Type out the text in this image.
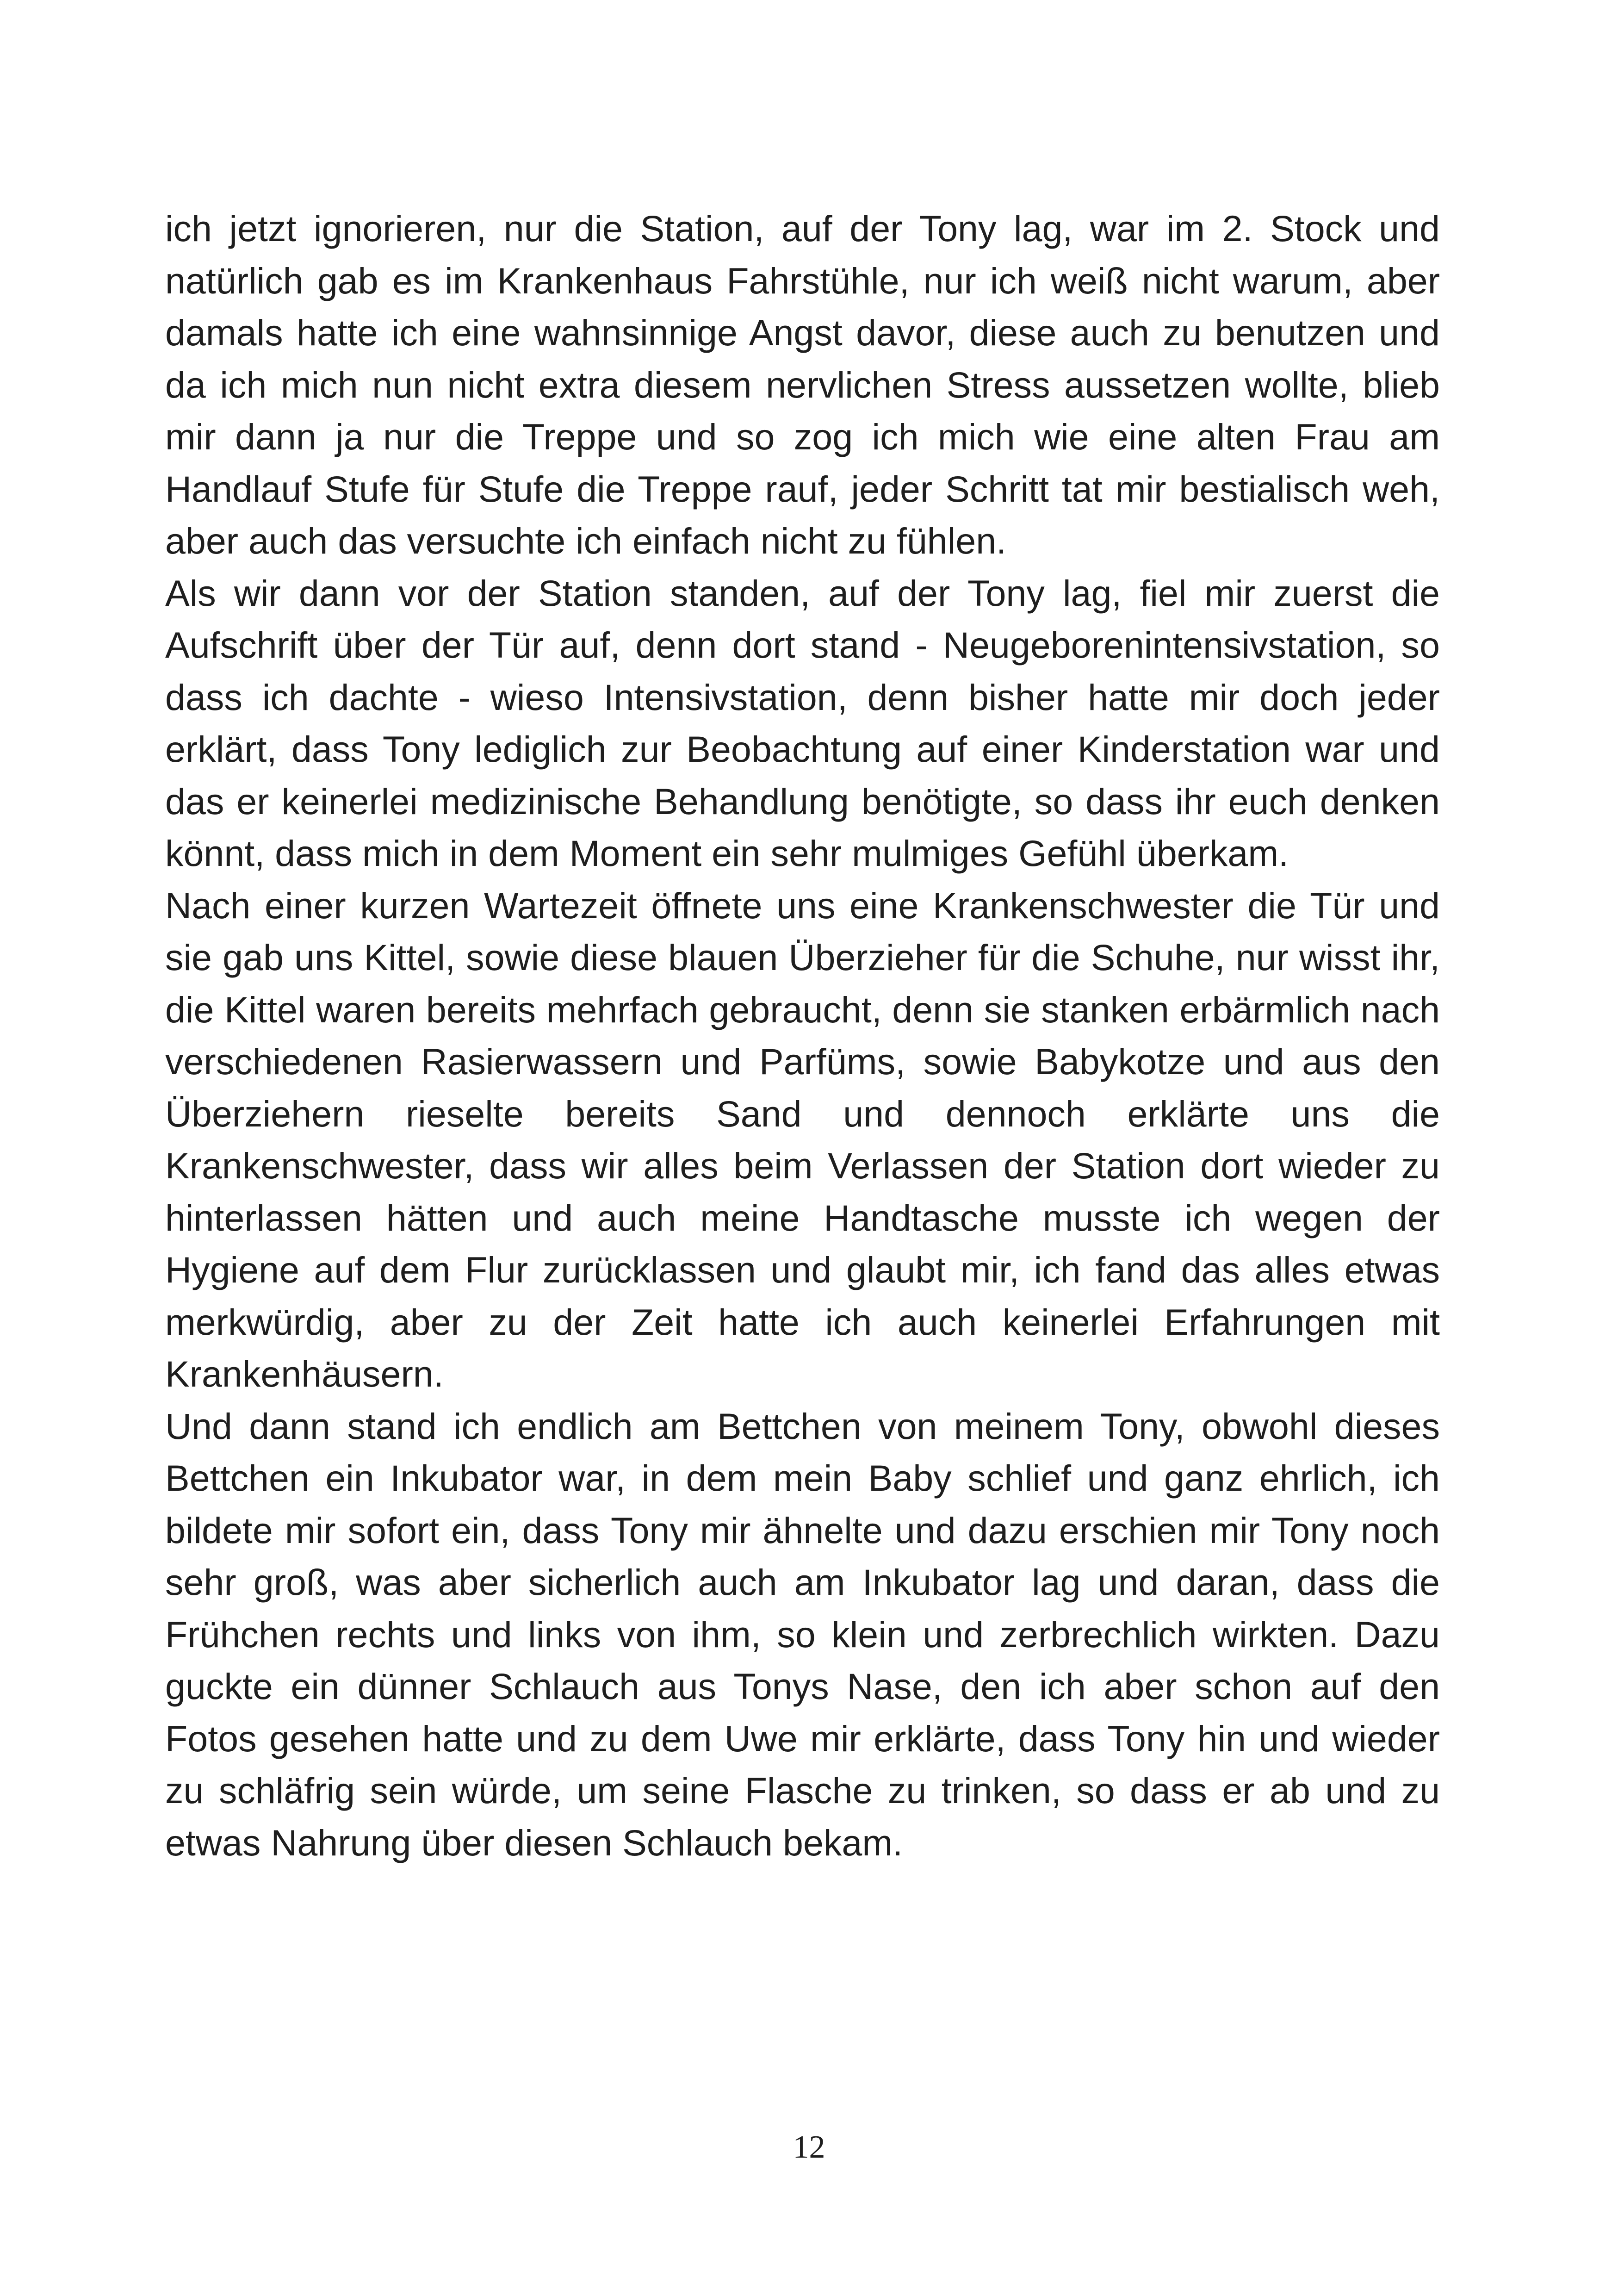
ich jetzt ignorieren, nur die Station, auf der Tony lag, war im 2. Stock und natürlich gab es im Krankenhaus Fahrstühle, nur ich weiß nicht warum, aber damals hatte ich eine wahnsinnige Angst davor, diese auch zu benutzen und da ich mich nun nicht extra diesem nervlichen Stress aussetzen wollte, blieb mir dann ja nur die Treppe und so zog ich mich wie eine alten Frau am Handlauf Stufe für Stufe die Treppe rauf, jeder Schritt tat mir bestialisch weh, aber auch das versuchte ich einfach nicht zu fühlen.

Als wir dann vor der Station standen, auf der Tony lag, fiel mir zuerst die Aufschrift über der Tür auf, denn dort stand - Neugeborenintensivstation, so dass ich dachte - wieso Intensivstation, denn bisher hatte mir doch jeder erklärt, dass Tony lediglich zur Beobachtung auf einer Kinderstation war und das er keinerlei medizinische Behandlung benötigte, so dass ihr euch denken könnt, dass mich in dem Moment ein sehr mulmiges Gefühl überkam.

Nach einer kurzen Wartezeit öffnete uns eine Krankenschwester die Tür und sie gab uns Kittel, sowie diese blauen Überzieher für die Schuhe, nur wisst ihr, die Kittel waren bereits mehrfach gebraucht, denn sie stanken erbärmlich nach verschiedenen Rasierwassern und Parfüms, sowie Babykotze und aus den Überziehern rieselte bereits Sand und dennoch erklärte uns die Krankenschwester, dass wir alles beim Verlassen der Station dort wieder zu hinterlassen hätten und auch meine Handtasche musste ich wegen der Hygiene auf dem Flur zurücklassen und glaubt mir, ich fand das alles etwas merkwürdig, aber zu der Zeit hatte ich auch keinerlei Erfahrungen mit Krankenhäusern.

Und dann stand ich endlich am Bettchen von meinem Tony, obwohl dieses Bettchen ein Inkubator war, in dem mein Baby schlief und ganz ehrlich, ich bildete mir sofort ein, dass Tony mir ähnelte und dazu erschien mir Tony noch sehr groß, was aber sicherlich auch am Inkubator lag und daran, dass die Frühchen rechts und links von ihm, so klein und zerbrechlich wirkten. Dazu guckte ein dünner Schlauch aus Tonys Nase, den ich aber schon auf den Fotos gesehen hatte und zu dem Uwe mir erklärte, dass Tony hin und wieder zu schläfrig sein würde, um seine Flasche zu trinken, so dass er ab und zu etwas Nahrung über diesen Schlauch bekam.

12
